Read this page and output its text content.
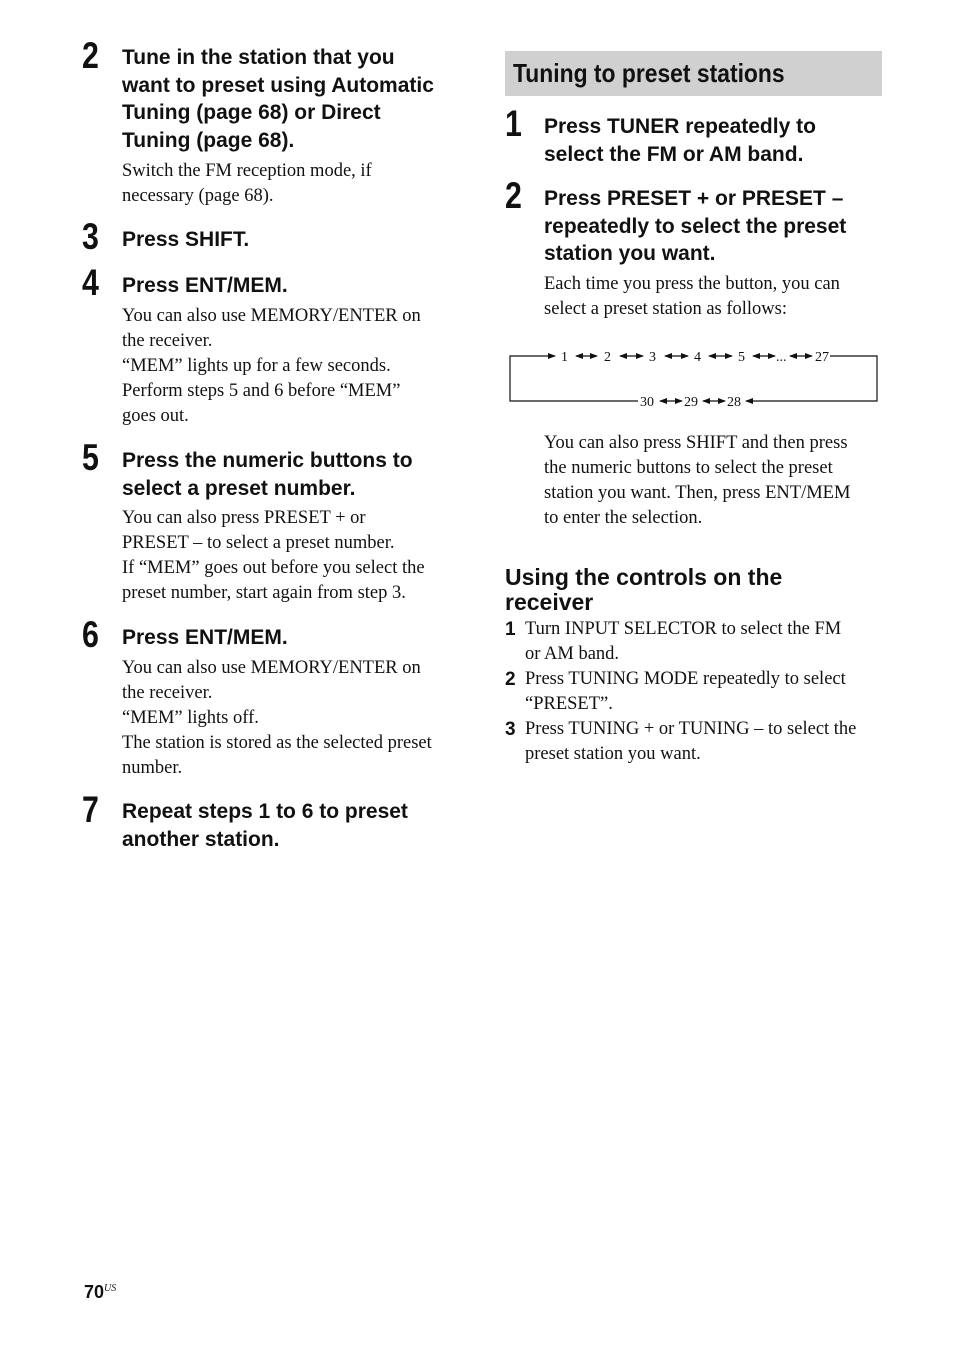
2 Tune in the station that you
want to preset using Automatic
Tuning (page 68) or Direct
Tuning (page 68).
Switch the FM reception mode, if
necessary (page 68).
3 Press SHIFT.
4 Press ENT/MEM.
You can also use MEMORY/ENTER on
the receiver.
“MEM” lights up for a few seconds.
Perform steps 5 and 6 before “MEM”
goes out.
5 Press the numeric buttons to
select a preset number.
You can also press PRESET + or
PRESET – to select a preset number.
If “MEM” goes out before you select the
preset number, start again from step 3.
6 Press ENT/MEM.
You can also use MEMORY/ENTER on
the receiver.
“MEM” lights off.
The station is stored as the selected preset
number.
7 Repeat steps 1 to 6 to preset
another station.
Tuning to preset stations
1 Press TUNER repeatedly to
select the FM or AM band.
2 Press PRESET + or PRESET –
repeatedly to select the preset
station you want.
Each time you press the button, you can
select a preset station as follows:
1	2	3	4	5 ... 27
30 29 28
You can also press SHIFT and then press
the numeric buttons to select the preset
station you want. Then, press ENT/MEM
to enter the selection.
Using the controls on the
receiver
1 Turn INPUT SELECTOR to select the FM
or AM band.
2 Press TUNING MODE repeatedly to select
“PRESET”.
3 Press TUNING + or TUNING – to select the
preset station you want.
$70^{US}$
